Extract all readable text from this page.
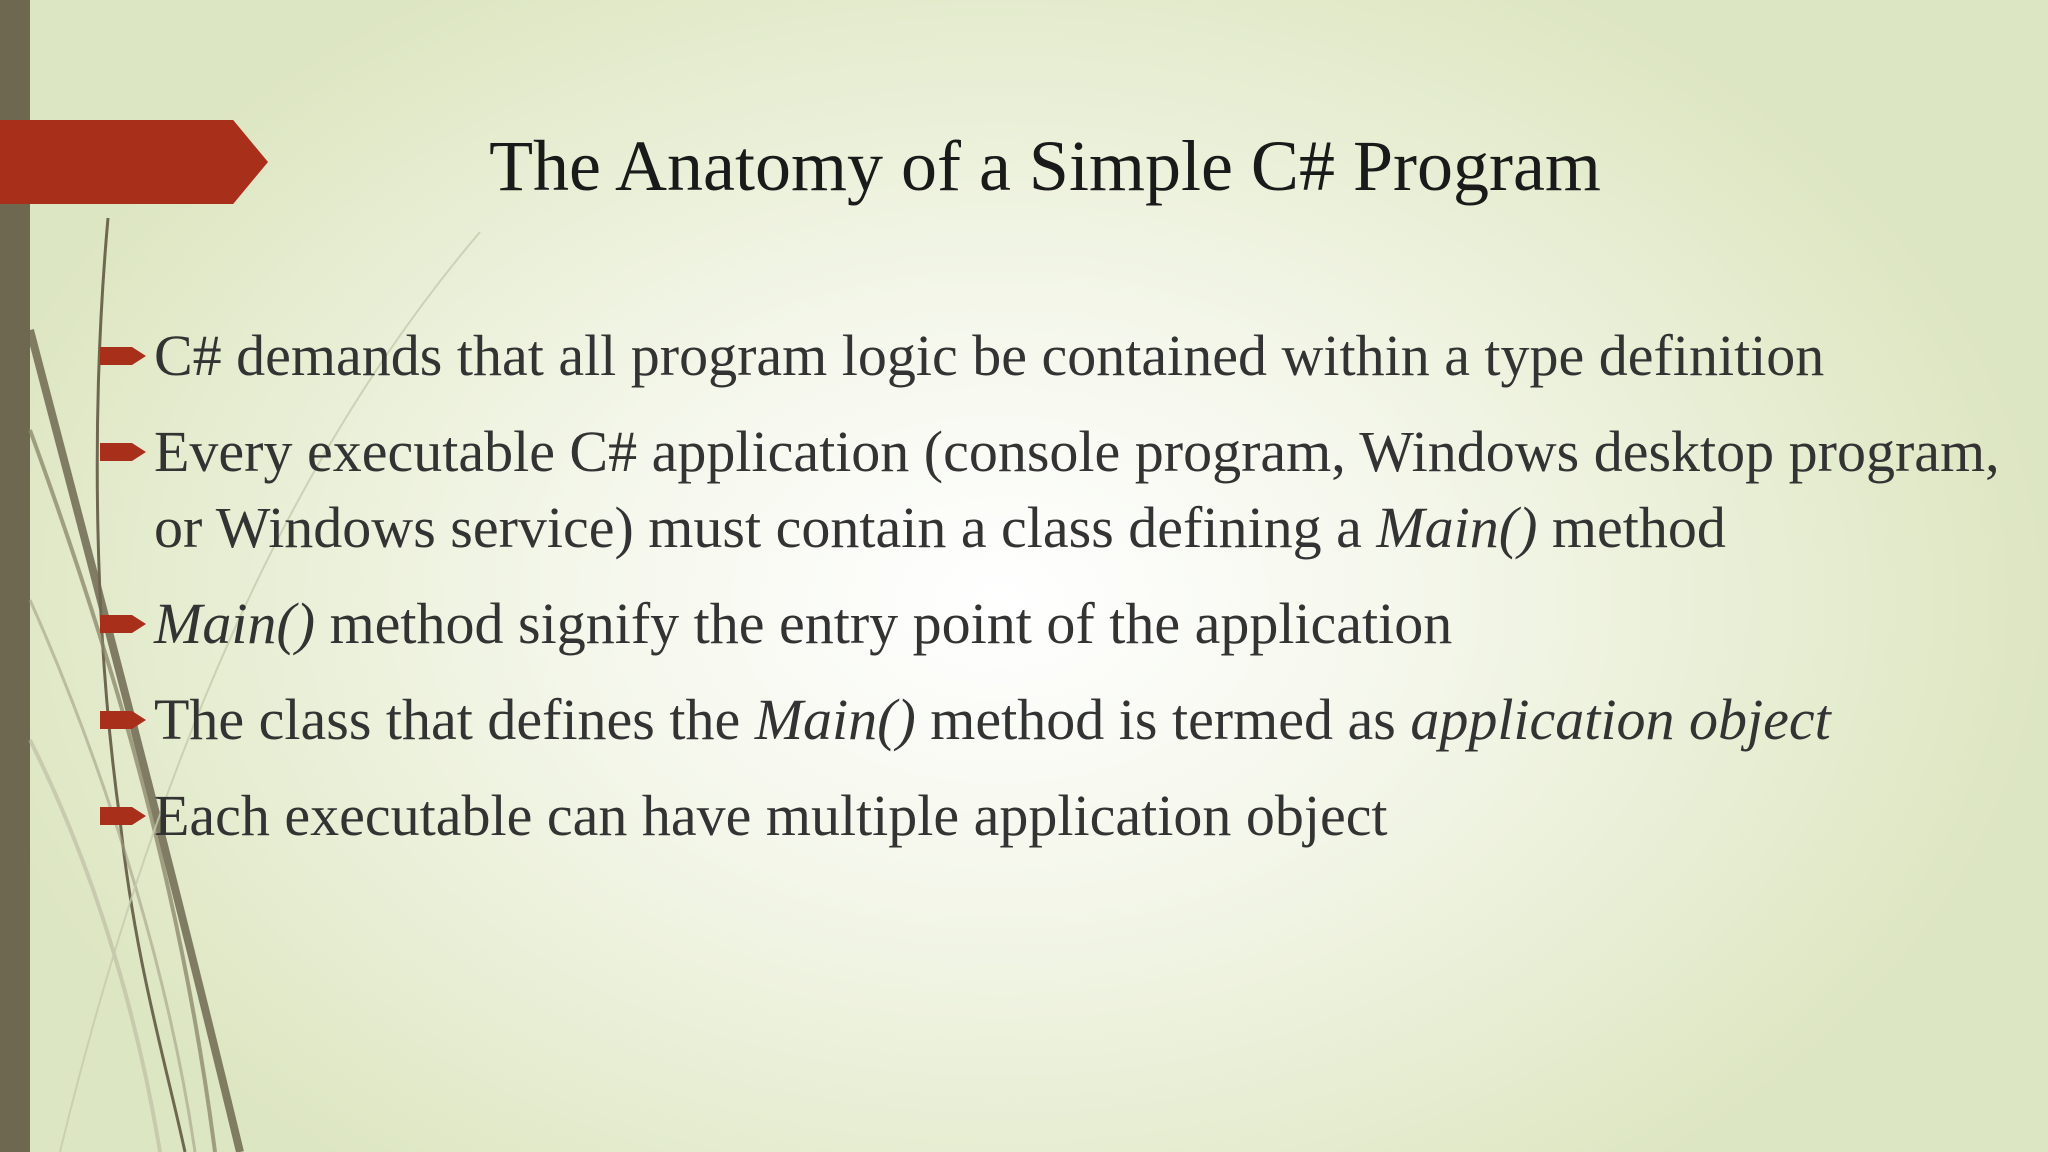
The Anatomy of a Simple C# Program
C# demands that all program logic be contained within a type definition
Every executable C# application (console program, Windows desktop program, or Windows service) must contain a class defining a Main() method
Main() method signify the entry point of the application
The class that defines the Main() method is termed as application object
Each executable can have multiple application object
